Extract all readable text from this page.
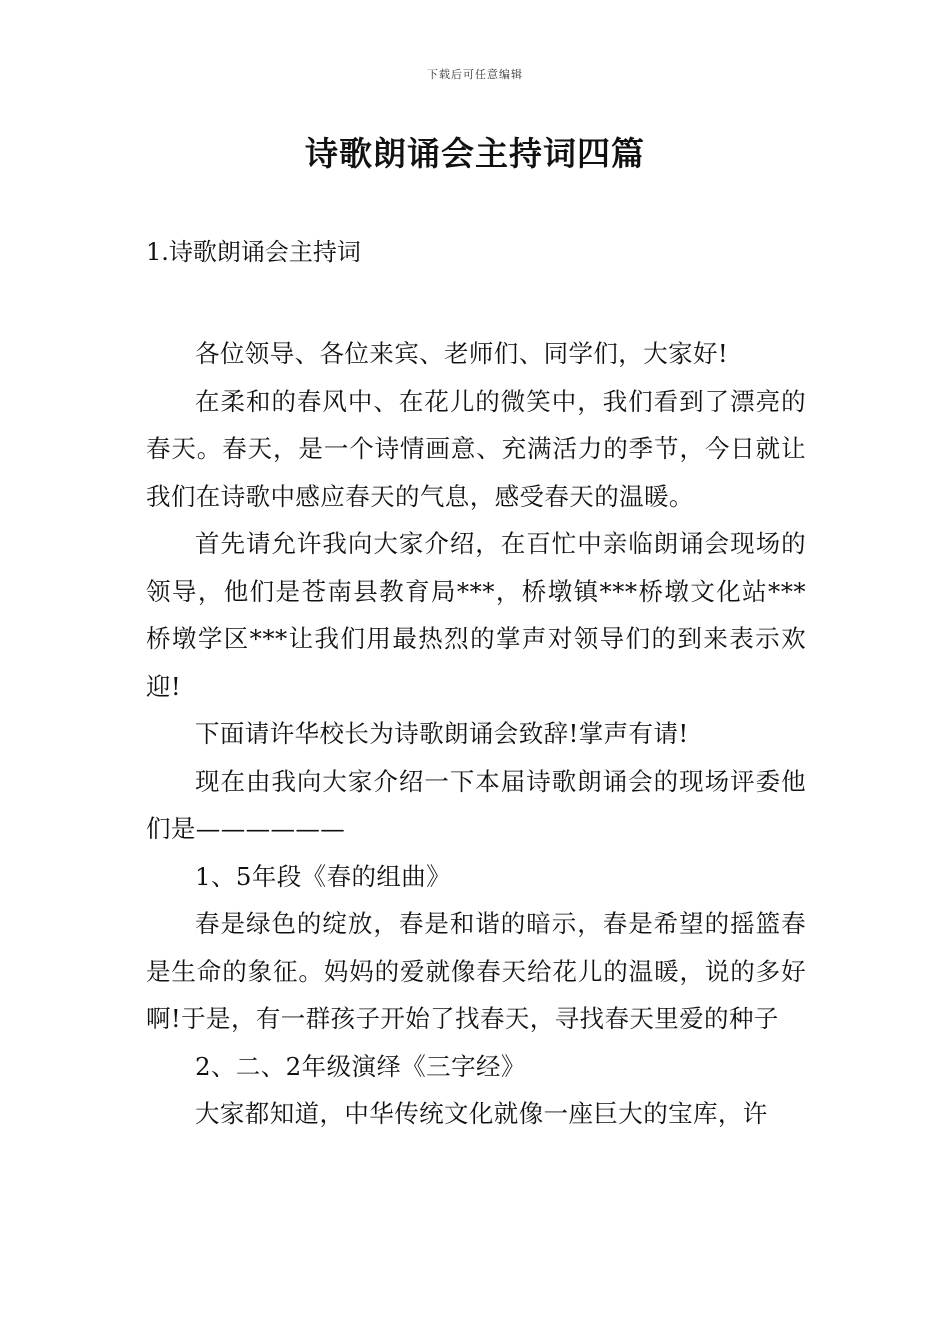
下载后可任意编辑
诗歌朗诵会主持词四篇
1.诗歌朗诵会主持词

各位领导、各位来宾、老师们、同学们，大家好!

在柔和的春风中、在花儿的微笑中，我们看到了漂亮的春天。春天，是一个诗情画意、充满活力的季节，今日就让我们在诗歌中感应春天的气息，感受春天的温暖。

首先请允许我向大家介绍，在百忙中亲临朗诵会现场的领导，他们是苍南县教育局***，桥墩镇***桥墩文化站***桥墩学区***让我们用最热烈的掌声对领导们的到来表示欢迎!

下面请许华校长为诗歌朗诵会致辞!掌声有请!

现在由我向大家介绍一下本届诗歌朗诵会的现场评委他们是——————

1、5年段《春的组曲》

春是绿色的绽放，春是和谐的暗示，春是希望的摇篮春是生命的象征。妈妈的爱就像春天给花儿的温暖，说的多好啊!于是，有一群孩子开始了找春天，寻找春天里爱的种子

2、二、2年级演绎《三字经》

大家都知道，中华传统文化就像一座巨大的宝库，许
